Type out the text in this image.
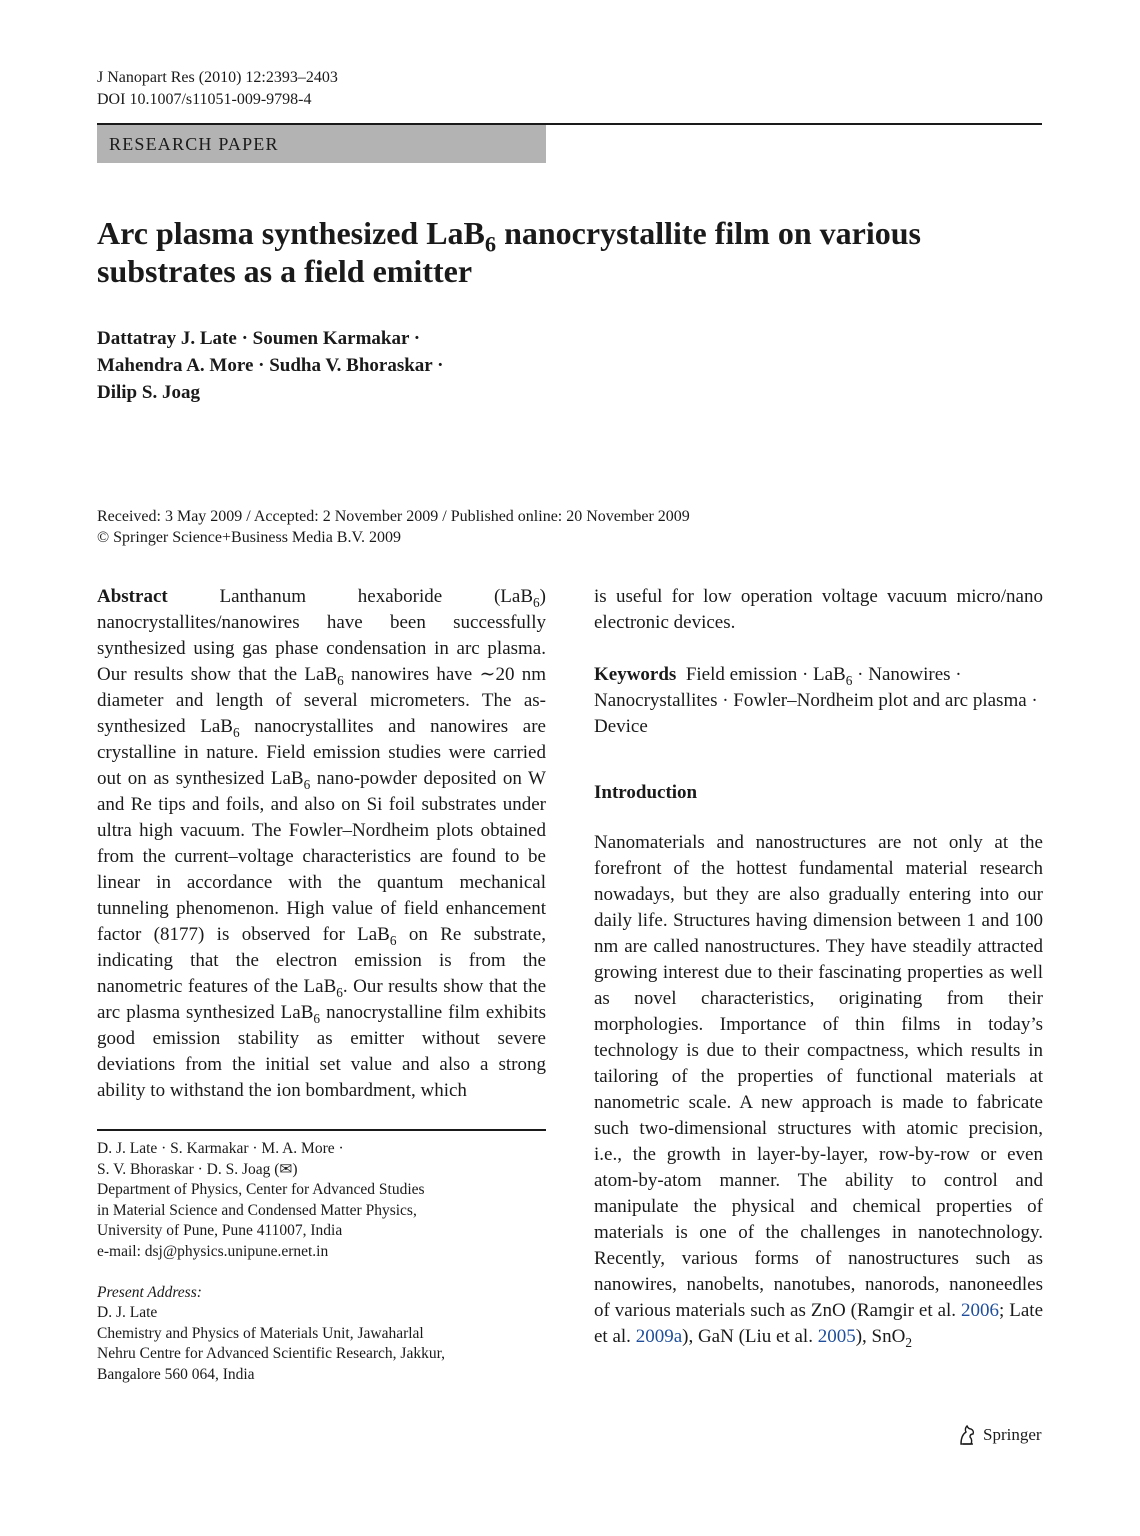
J Nanopart Res (2010) 12:2393–2403
DOI 10.1007/s11051-009-9798-4
RESEARCH PAPER
Arc plasma synthesized LaB$_6$ nanocrystallite film on various substrates as a field emitter
Dattatray J. Late · Soumen Karmakar ·
Mahendra A. More · Sudha V. Bhoraskar ·
Dilip S. Joag
Received: 3 May 2009 / Accepted: 2 November 2009 / Published online: 20 November 2009
© Springer Science+Business Media B.V. 2009

Abstract Lanthanum hexaboride (LaB$_6$) nanocrystallites/nanowires have been successfully synthesized using gas phase condensation in arc plasma. Our results show that the LaB$_6$ nanowires have ∼20 nm diameter and length of several micrometers. The as-synthesized LaB$_6$ nanocrystallites and nanowires are crystalline in nature. Field emission studies were carried out on as synthesized LaB$_6$ nano-powder deposited on W and Re tips and foils, and also on Si foil substrates under ultra high vacuum. The Fowler–Nordheim plots obtained from the current–voltage characteristics are found to be linear in accordance with the quantum mechanical tunneling phenomenon. High value of field enhancement factor (8177) is observed for LaB$_6$ on Re substrate, indicating that the electron emission is from the nanometric features of the LaB$_6$. Our results show that the arc plasma synthesized LaB$_6$ nanocrystalline film exhibits good emission stability as emitter without severe deviations from the initial set value and also a strong ability to withstand the ion bombardment, which

is useful for low operation voltage vacuum micro/nano electronic devices.

Keywords  Field emission · LaB$_6$ · Nanowires · Nanocrystallites · Fowler–Nordheim plot and arc plasma · Device

Introduction

Nanomaterials and nanostructures are not only at the forefront of the hottest fundamental material research nowadays, but they are also gradually entering into our daily life. Structures having dimension between 1 and 100 nm are called nanostructures. They have steadily attracted growing interest due to their fascinating properties as well as novel characteristics, originating from their morphologies. Importance of thin films in today’s technology is due to their compactness, which results in tailoring of the properties of functional materials at nanometric scale. A new approach is made to fabricate such two-dimensional structures with atomic precision, i.e., the growth in layer-by-layer, row-by-row or even atom-by-atom manner. The ability to control and manipulate the physical and chemical properties of materials is one of the challenges in nanotechnology. Recently, various forms of nanostructures such as nanowires, nanobelts, nanotubes, nanorods, nanoneedles of various materials such as ZnO (Ramgir et al. 2006; Late et al. 2009a), GaN (Liu et al. 2005), SnO$_2$

D. J. Late · S. Karmakar · M. A. More ·
S. V. Bhoraskar · D. S. Joag (✉)
Department of Physics, Center for Advanced Studies
in Material Science and Condensed Matter Physics,
University of Pune, Pune 411007, India
e-mail: dsj@physics.unipune.ernet.in
Present Address:
D. J. Late
Chemistry and Physics of Materials Unit, Jawaharlal
Nehru Centre for Advanced Scientific Research, Jakkur,
Bangalore 560 064, India
Springer
